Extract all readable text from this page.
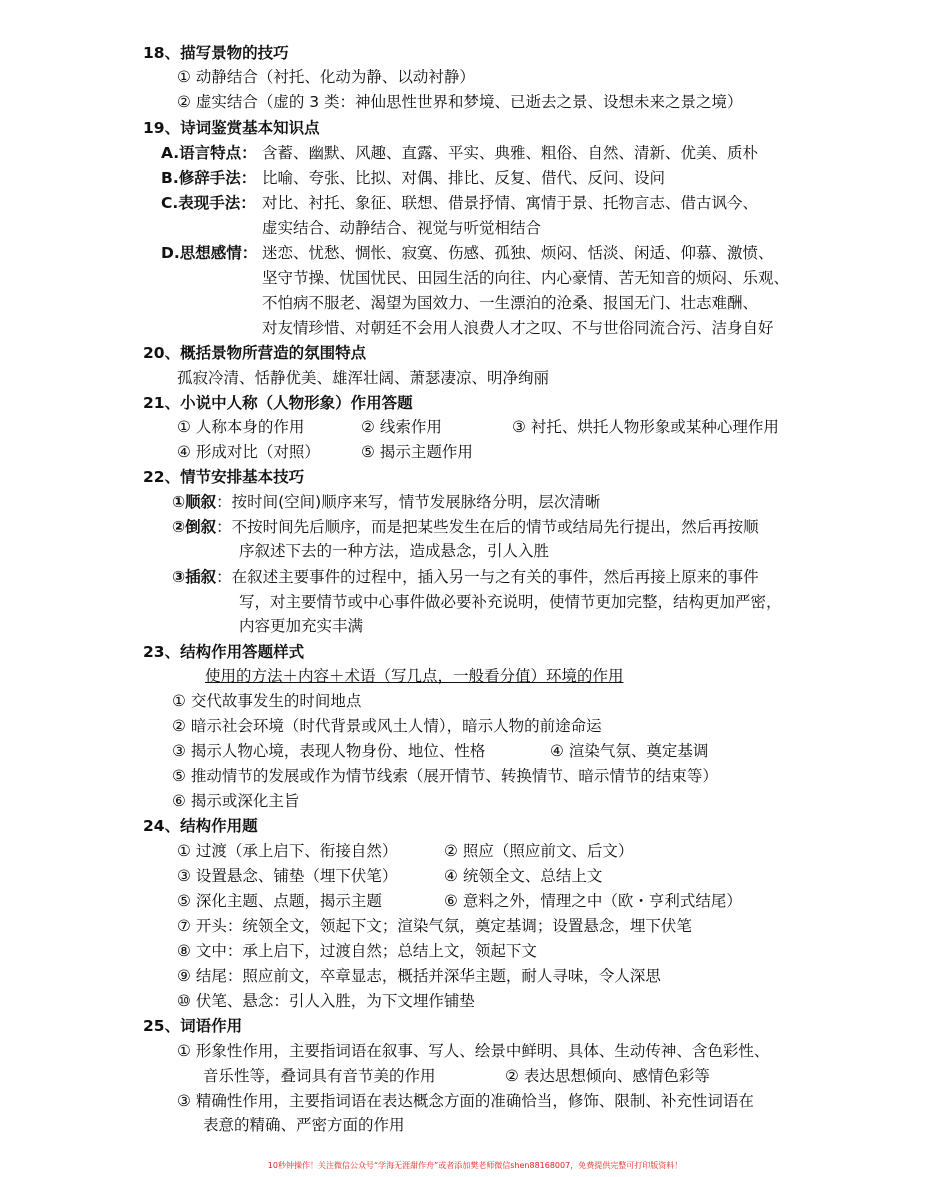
18、描写景物的技巧
① 动静结合（衬托、化动为静、以动衬静）
② 虚实结合（虚的 3 类：神仙思性世界和梦境、已逝去之景、设想未来之景之境）
19、诗词鉴赏基本知识点
A.语言特点： 含蓄、幽默、风趣、直露、平实、典雅、粗俗、自然、清新、优美、质朴
B.修辞手法： 比喻、夸张、比拟、对偶、排比、反复、借代、反问、设问
C.表现手法： 对比、衬托、象征、联想、借景抒情、寓情于景、托物言志、借古讽今、
虚实结合、动静结合、视觉与听觉相结合
D.思想感情： 迷恋、忧愁、惆怅、寂寞、伤感、孤独、烦闷、恬淡、闲适、仰慕、激愤、
坚守节操、忧国忧民、田园生活的向往、内心豪情、苦无知音的烦闷、乐观、
不怕病不服老、渴望为国效力、一生漂泊的沧桑、报国无门、壮志难酬、
对友情珍惜、对朝廷不会用人浪费人才之叹、不与世俗同流合污、洁身自好
20、概括景物所营造的氛围特点
孤寂冷清、恬静优美、雄浑壮阔、萧瑟凄凉、明净绚丽
21、小说中人称（人物形象）作用答题
① 人称本身的作用	② 线索作用	③ 衬托、烘托人物形象或某种心理作用
④ 形成对比（对照）	⑤ 揭示主题作用
22、情节安排基本技巧
①顺叙：按时间(空间)顺序来写，情节发展脉络分明，层次清晰
②倒叙：不按时间先后顺序，而是把某些发生在后的情节或结局先行提出，然后再按顺
序叙述下去的一种方法，造成悬念，引人入胜
③插叙：在叙述主要事件的过程中，插入另一与之有关的事件，然后再接上原来的事件
写，对主要情节或中心事件做必要补充说明，使情节更加完整，结构更加严密，
内容更加充实丰满
23、结构作用答题样式
使用的方法＋内容＋术语（写几点，一般看分值）环境的作用
① 交代故事发生的时间地点
② 暗示社会环境（时代背景或风土人情），暗示人物的前途命运
③ 揭示人物心境，表现人物身份、地位、性格	④ 渲染气氛、奠定基调
⑤ 推动情节的发展或作为情节线索（展开情节、转换情节、暗示情节的结束等）
⑥ 揭示或深化主旨
24、结构作用题
① 过渡（承上启下、衔接自然）	② 照应（照应前文、后文）
③ 设置悬念、铺垫（埋下伏笔）	④ 统领全文、总结上文
⑤ 深化主题、点题，揭示主题	⑥ 意料之外，情理之中（欧・亨利式结尾）
⑦ 开头：统领全文，领起下文；渲染气氛，奠定基调；设置悬念，埋下伏笔
⑧ 文中：承上启下，过渡自然；总结上文，领起下文
⑨ 结尾：照应前文，卒章显志，概括并深华主题，耐人寻味，令人深思
⑩ 伏笔、悬念：引人入胜，为下文埋作铺垫
25、词语作用
① 形象性作用，主要指词语在叙事、写人、绘景中鲜明、具体、生动传神、含色彩性、
音乐性等，叠词具有音节美的作用	② 表达思想倾向、感情色彩等
③ 精确性作用，主要指词语在表达概念方面的准确恰当，修饰、限制、补充性词语在
表意的精确、严密方面的作用
10秒钟操作！关注微信公众号“学海无涯甜作舟”或者添加樊老师微信shen88168007，免费提供完整可打印版资料！
